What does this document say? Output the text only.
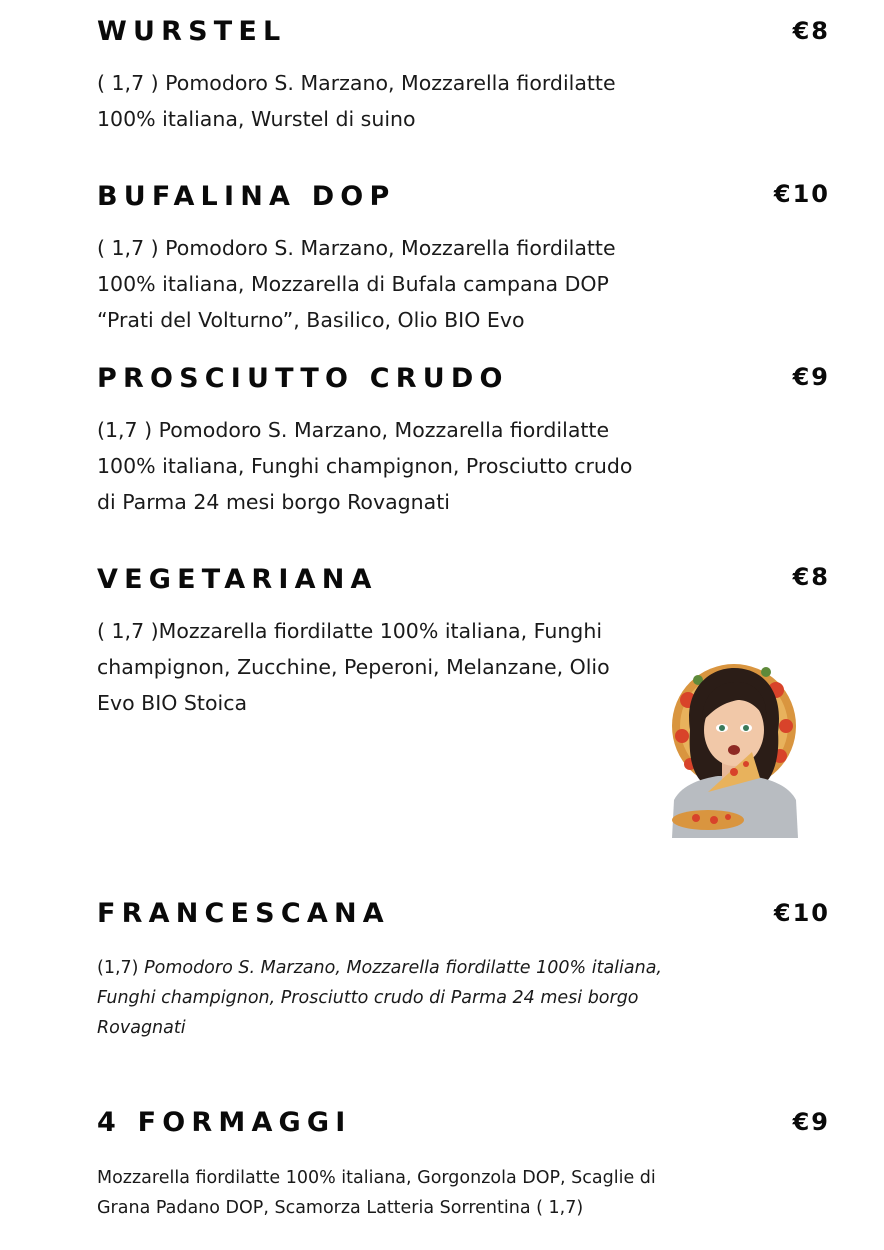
WURSTEL	€8

( 1,7 ) Pomodoro S. Marzano, Mozzarella fiordilatte
100% italiana, Wurstel di suino

BUFALINA DOP	€10

( 1,7 ) Pomodoro S. Marzano, Mozzarella fiordilatte
100% italiana, Mozzarella di Bufala campana DOP
“Prati del Volturno”, Basilico, Olio BIO Evo

PROSCIUTTO CRUDO	€9

(1,7 ) Pomodoro S. Marzano, Mozzarella fiordilatte
100% italiana, Funghi champignon, Prosciutto crudo
di Parma 24 mesi borgo Rovagnati

VEGETARIANA	€8

( 1,7 )Mozzarella fiordilatte 100% italiana, Funghi
champignon, Zucchine, Peperoni, Melanzane, Olio
Evo BIO Stoica

FRANCESCANA	€10

(1,7) Pomodoro S. Marzano, Mozzarella fiordilatte 100% italiana,
Funghi champignon, Prosciutto crudo di Parma 24 mesi borgo
Rovagnati

4 FORMAGGI	€9

Mozzarella fiordilatte 100% italiana, Gorgonzola DOP, Scaglie di
Grana Padano DOP, Scamorza Latteria Sorrentina ( 1,7)
